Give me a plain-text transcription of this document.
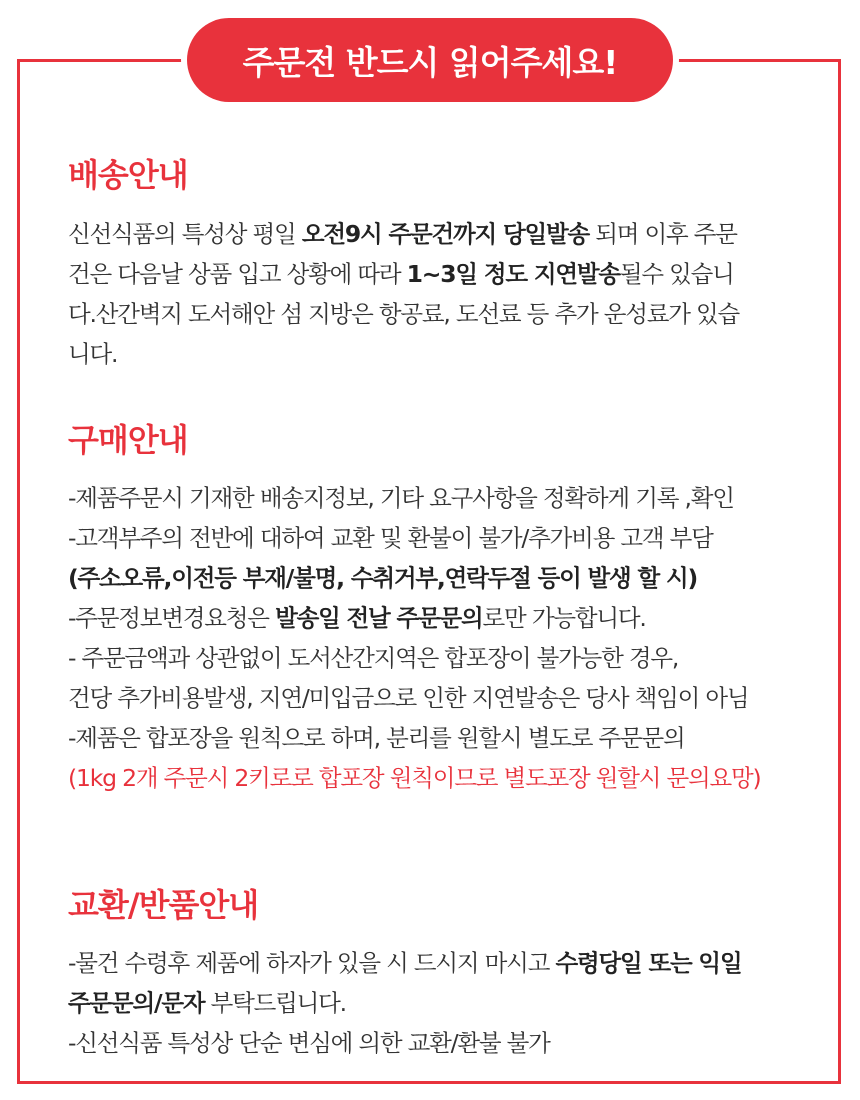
주문전 반드시 읽어주세요!
배송안내
신선식품의 특성상 평일 오전9시 주문건까지 당일발송 되며 이후 주문
건은 다음날 상품 입고 상황에 따라 1~3일 정도 지연발송될수 있습니
다.산간벽지 도서해안 섬 지방은 항공료, 도선료 등 추가 운성료가 있습
니다.
구매안내
-제품주문시 기재한 배송지정보, 기타 요구사항을 정확하게 기록 ,확인
-고객부주의 전반에 대하여 교환 및 환불이 불가/추가비용 고객 부담
(주소오류,이전등 부재/불명, 수취거부,연락두절 등이 발생 할 시)
-주문정보변경요청은 발송일 전날 주문문의로만 가능합니다.
- 주문금액과 상관없이 도서산간지역은 합포장이 불가능한 경우,
건당 추가비용발생, 지연/미입금으로 인한 지연발송은 당사 책임이 아님
-제품은 합포장을 원칙으로 하며, 분리를 원할시 별도로 주문문의
(1kg 2개 주문시 2키로로 합포장 원칙이므로 별도포장 원할시 문의요망)
교환/반품안내
-물건 수령후 제품에 하자가 있을 시 드시지 마시고 수령당일 또는 익일
주문문의/문자 부탁드립니다.
-신선식품 특성상 단순 변심에 의한 교환/환불 불가
